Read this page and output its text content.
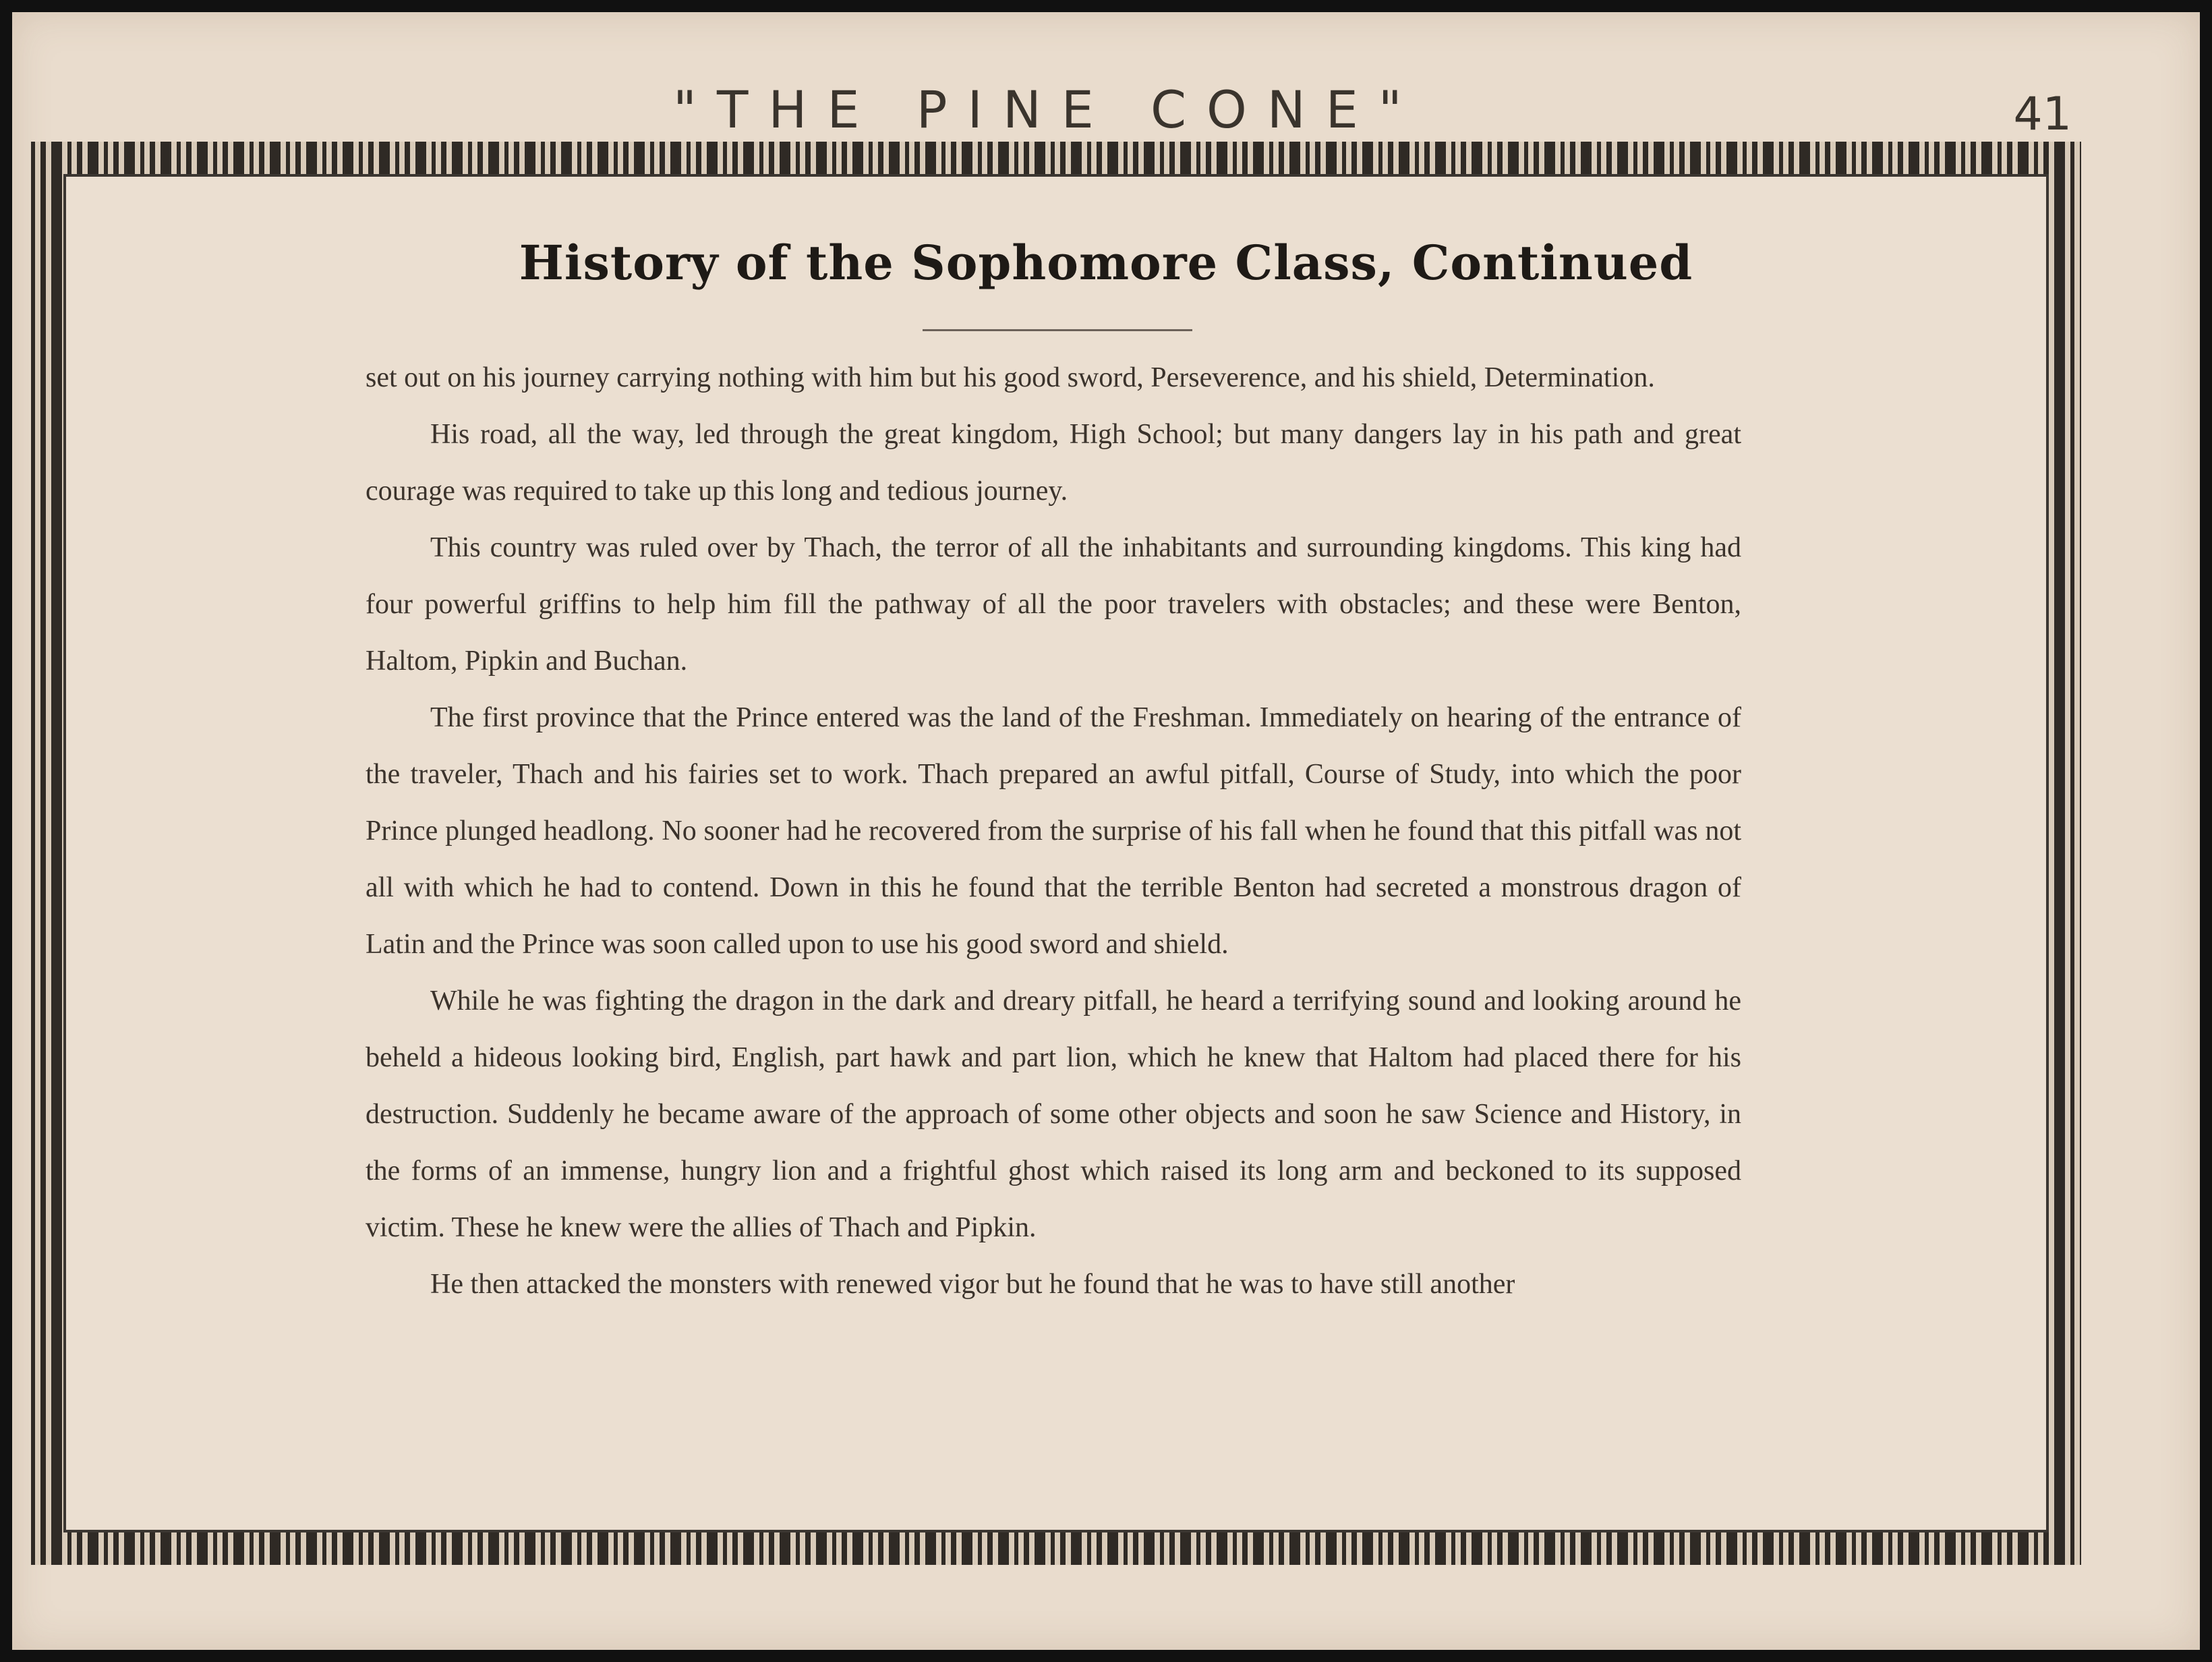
"THE PINE CONE"	41
History of the Sophomore Class, Continued

set out on his journey carrying nothing with him but his good sword, Perseverence, and his shield, Determination.

His road, all the way, led through the great kingdom, High School; but many dangers lay in his path and great courage was required to take up this long and tedious journey.

This country was ruled over by Thach, the terror of all the inhabitants and surrounding kingdoms. This king had four powerful griffins to help him fill the pathway of all the poor travelers with obstacles; and these were Benton, Haltom, Pipkin and Buchan.

The first province that the Prince entered was the land of the Freshman. Immediately on hearing of the entrance of the traveler, Thach and his fairies set to work. Thach prepared an awful pitfall, Course of Study, into which the poor Prince plunged headlong. No sooner had he recovered from the surprise of his fall when he found that this pitfall was not all with which he had to contend. Down in this he found that the terrible Benton had secreted a monstrous dragon of Latin and the Prince was soon called upon to use his good sword and shield.

While he was fighting the dragon in the dark and dreary pitfall, he heard a terrifying sound and looking around he beheld a hideous looking bird, English, part hawk and part lion, which he knew that Haltom had placed there for his destruction. Suddenly he became aware of the approach of some other objects and soon he saw Science and History, in the forms of an immense, hungry lion and a frightful ghost which raised its long arm and beckoned to its supposed victim. These he knew were the allies of Thach and Pipkin.

He then attacked the monsters with renewed vigor but he found that he was to have still another
